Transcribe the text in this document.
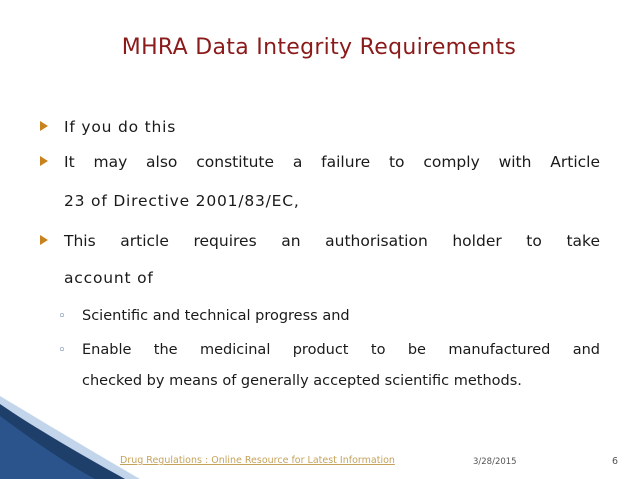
MHRA Data Integrity Requirements
If you do this
It may also constitute a failure to comply with Article
23 of Directive 2001/83/EC,
This article requires an authorisation holder to take
account of
◦ Scientific and technical progress and
◦ Enable the medicinal product to be manufactured and
checked by means of generally accepted scientific methods.
Drug Regulations : Online Resource for Latest Information	3/28/2015	6
